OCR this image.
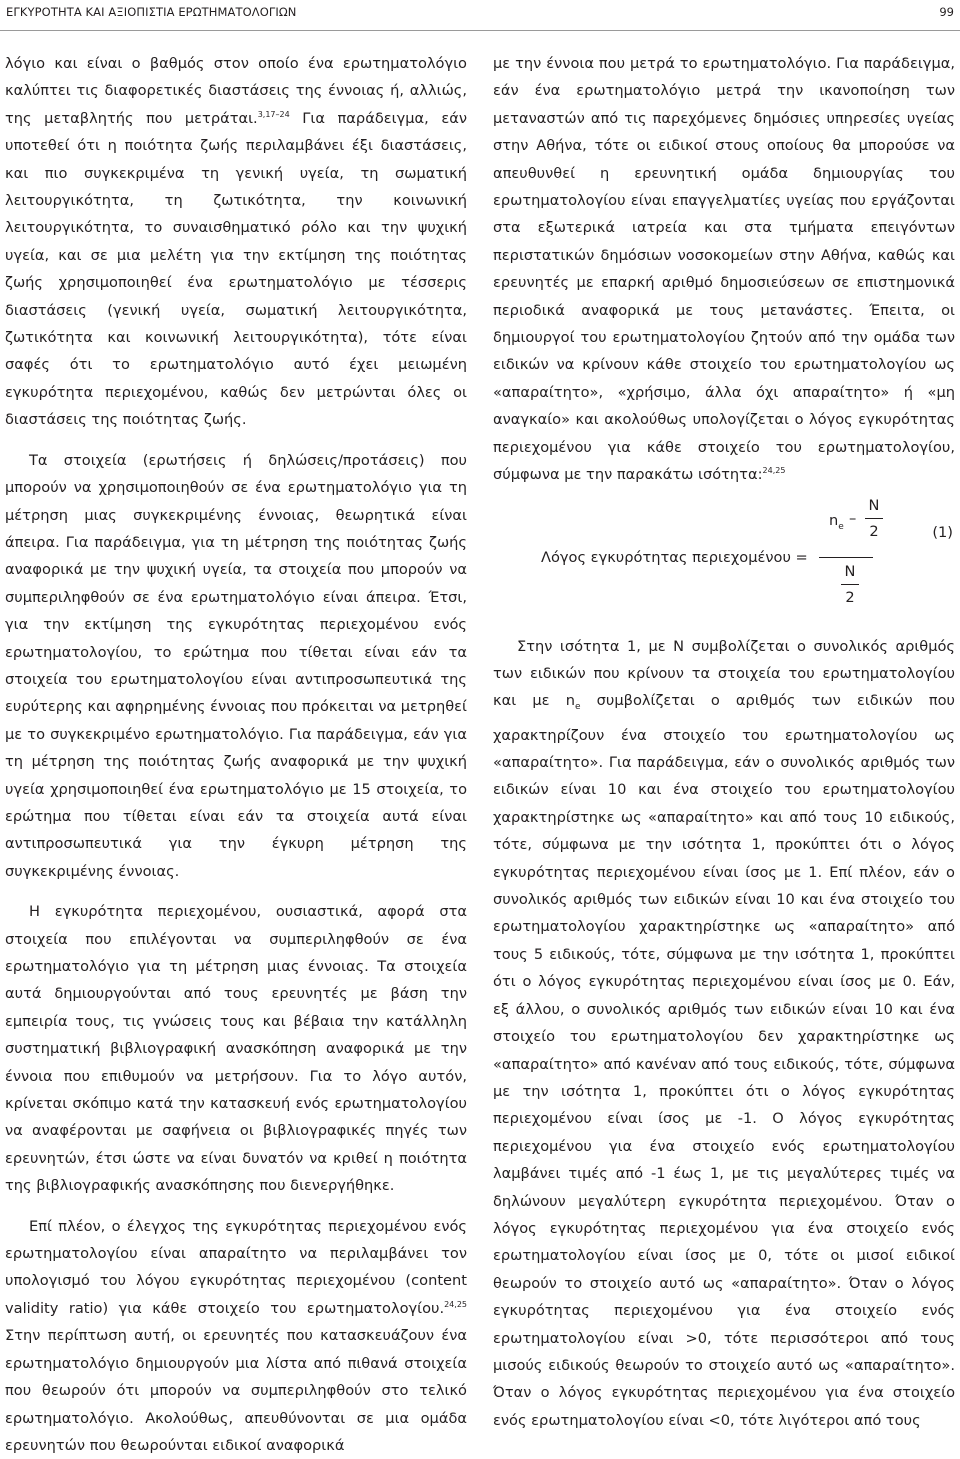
ΕΓΚΥΡΟΤΗΤΑ ΚΑΙ ΑΞΙΟΠΙΣΤΙΑ ΕΡΩΤΗΜΑΤΟΛΟΓΙΩΝ	99

λόγιο και είναι ο βαθμός στον οποίο ένα ερωτηματολόγιο καλύπτει τις διαφορετικές διαστάσεις της έννοιας ή, αλλιώς, της μεταβλητής που μετράται.$^{3,17-24}$ Για παράδειγμα, εάν υποτεθεί ότι η ποιότητα ζωής περιλαμβάνει έξι διαστάσεις, και πιο συγκεκριμένα τη γενική υγεία, τη σωματική λειτουργικότητα, τη ζωτικότητα, την κοινωνική λειτουργικότητα, το συναισθηματικό ρόλο και την ψυχική υγεία, και σε μια μελέτη για την εκτίμηση της ποιότητας ζωής χρησιμοποιηθεί ένα ερωτηματολόγιο με τέσσερις διαστάσεις (γενική υγεία, σωματική λειτουργικότητα, ζωτικότητα και κοινωνική λειτουργικότητα), τότε είναι σαφές ότι το ερωτηματολόγιο αυτό έχει μειωμένη εγκυρότητα περιεχομένου, καθώς δεν μετρώνται όλες οι διαστάσεις της ποιότητας ζωής.

Τα στοιχεία (ερωτήσεις ή δηλώσεις/προτάσεις) που μπορούν να χρησιμοποιηθούν σε ένα ερωτηματολόγιο για τη μέτρηση μιας συγκεκριμένης έννοιας, θεωρητικά είναι άπειρα. Για παράδειγμα, για τη μέτρηση της ποιότητας ζωής αναφορικά με την ψυχική υγεία, τα στοιχεία που μπορούν να συμπεριληφθούν σε ένα ερωτηματολόγιο είναι άπειρα. Έτσι, για την εκτίμηση της εγκυρότητας περιεχομένου ενός ερωτηματολογίου, το ερώτημα που τίθεται είναι εάν τα στοιχεία του ερωτηματολογίου είναι αντιπροσωπευτικά της ευρύτερης και αφηρημένης έννοιας που πρόκειται να μετρηθεί με το συγκεκριμένο ερωτηματολόγιο. Για παράδειγμα, εάν για τη μέτρηση της ποιότητας ζωής αναφορικά με την ψυχική υγεία χρησιμοποιηθεί ένα ερωτηματολόγιο με 15 στοιχεία, το ερώτημα που τίθεται είναι εάν τα στοιχεία αυτά είναι αντιπροσωπευτικά για την έγκυρη μέτρηση της συγκεκριμένης έννοιας.

Η εγκυρότητα περιεχομένου, ουσιαστικά, αφορά στα στοιχεία που επιλέγονται να συμπεριληφθούν σε ένα ερωτηματολόγιο για τη μέτρηση μιας έννοιας. Τα στοιχεία αυτά δημιουργούνται από τους ερευνητές με βάση την εμπειρία τους, τις γνώσεις τους και βέβαια την κατάλληλη συστηματική βιβλιογραφική ανασκόπηση αναφορικά με την έννοια που επιθυμούν να μετρήσουν. Για το λόγο αυτόν, κρίνεται σκόπιμο κατά την κατασκευή ενός ερωτηματολογίου να αναφέρονται με σαφήνεια οι βιβλιογραφικές πηγές των ερευνητών, έτσι ώστε να είναι δυνατόν να κριθεί η ποιότητα της βιβλιογραφικής ανασκόπησης που διενεργήθηκε.

Επί πλέον, ο έλεγχος της εγκυρότητας περιεχομένου ενός ερωτηματολογίου είναι απαραίτητο να περιλαμβάνει τον υπολογισμό του λόγου εγκυρότητας περιεχομένου (content validity ratio) για κάθε στοιχείο του ερωτηματολογίου.$^{24,25}$ Στην περίπτωση αυτή, οι ερευνητές που κατασκευάζουν ένα ερωτηματολόγιο δημιουργούν μια λίστα από πιθανά στοιχεία που θεωρούν ότι μπορούν να συμπεριληφθούν στο τελικό ερωτηματολόγιο. Ακολούθως, απευθύνονται σε μια ομάδα ερευνητών που θεωρούνται ειδικοί αναφορικά

με την έννοια που μετρά το ερωτηματολόγιο. Για παράδειγμα, εάν ένα ερωτηματολόγιο μετρά την ικανοποίηση των μεταναστών από τις παρεχόμενες δημόσιες υπηρεσίες υγείας στην Αθήνα, τότε οι ειδικοί στους οποίους θα μπορούσε να απευθυνθεί η ερευνητική ομάδα δημιουργίας του ερωτηματολογίου είναι επαγγελματίες υγείας που εργάζονται στα εξωτερικά ιατρεία και στα τμήματα επειγόντων περιστατικών δημόσιων νοσοκομείων στην Αθήνα, καθώς και ερευνητές με επαρκή αριθμό δημοσιεύσεων σε επιστημονικά περιοδικά αναφορικά με τους μετανάστες. Έπειτα, οι δημιουργοί του ερωτηματολογίου ζητούν από την ομάδα των ειδικών να κρίνουν κάθε στοιχείο του ερωτηματολογίου ως «απαραίτητο», «χρήσιμο, άλλα όχι απαραίτητο» ή «μη αναγκαίο» και ακολούθως υπολογίζεται ο λόγος εγκυρότητας περιεχομένου για κάθε στοιχείο του ερωτηματολογίου, σύμφωνα με την παρακάτω ισότητα:$^{24,25}$

Λόγος εγκυρότητας περιεχομένου =
$n_e$ –
N
2
N
2
(1)

Στην ισότητα 1, με Ν συμβολίζεται ο συνολικός αριθμός των ειδικών που κρίνουν τα στοιχεία του ερωτηματολογίου και με $n_e$ συμβολίζεται ο αριθμός των ειδικών που χαρακτηρίζουν ένα στοιχείο του ερωτηματολογίου ως «απαραίτητο». Για παράδειγμα, εάν ο συνολικός αριθμός των ειδικών είναι 10 και ένα στοιχείο του ερωτηματολογίου χαρακτηρίστηκε ως «απαραίτητο» και από τους 10 ειδικούς, τότε, σύμφωνα με την ισότητα 1, προκύπτει ότι ο λόγος εγκυρότητας περιεχομένου είναι ίσος με 1. Επί πλέον, εάν ο συνολικός αριθμός των ειδικών είναι 10 και ένα στοιχείο του ερωτηματολογίου χαρακτηρίστηκε ως «απαραίτητο» από τους 5 ειδικούς, τότε, σύμφωνα με την ισότητα 1, προκύπτει ότι ο λόγος εγκυρότητας περιεχομένου είναι ίσος με 0. Εάν, εξ άλλου, ο συνολικός αριθμός των ειδικών είναι 10 και ένα στοιχείο του ερωτηματολογίου δεν χαρακτηρίστηκε ως «απαραίτητο» από κανέναν από τους ειδικούς, τότε, σύμφωνα με την ισότητα 1, προκύπτει ότι ο λόγος εγκυρότητας περιεχομένου είναι ίσος με -1. Ο λόγος εγκυρότητας περιεχομένου για ένα στοιχείο ενός ερωτηματολογίου λαμβάνει τιμές από -1 έως 1, με τις μεγαλύτερες τιμές να δηλώνουν μεγαλύτερη εγκυρότητα περιεχομένου. Όταν ο λόγος εγκυρότητας περιεχομένου για ένα στοιχείο ενός ερωτηματολογίου είναι ίσος με 0, τότε οι μισοί ειδικοί θεωρούν το στοιχείο αυτό ως «απαραίτητο». Όταν ο λόγος εγκυρότητας περιεχομένου για ένα στοιχείο ενός ερωτηματολογίου είναι >0, τότε περισσότεροι από τους μισούς ειδικούς θεωρούν το στοιχείο αυτό ως «απαραίτητο». Όταν ο λόγος εγκυρότητας περιεχομένου για ένα στοιχείο ενός ερωτηματολογίου είναι <0, τότε λιγότεροι από τους
